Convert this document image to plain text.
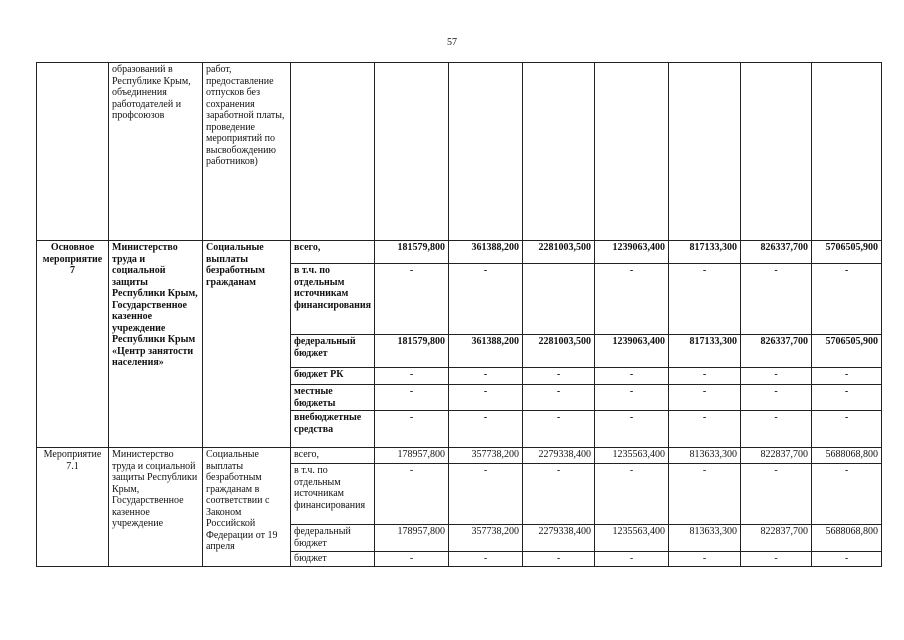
57
	образований в Республике Крым, объединения работодателей и профсоюзов	работ, предоставление отпусков без сохранения заработной платы, проведение мероприятий по высвобождению работников)								
Основное мероприятие 7	Министерство труда и социальной защиты Республики Крым, Государственное казенное учреждение Республики Крым «Центр занятости населения»	Социальные выплаты безработным гражданам	всего,	181579,800	361388,200	2281003,500	1239063,400	817133,300	826337,700	5706505,900
			в т.ч. по отдельным источникам финансирования	-	-		-	-	-	-
			федеральный бюджет	181579,800	361388,200	2281003,500	1239063,400	817133,300	826337,700	5706505,900
			бюджет РК	-	-	-	-	-	-	-
			местные бюджеты	-	-	-	-	-	-	-
			внебюджетные средства	-	-	-	-	-	-	-
Мероприятие 7.1	Министерство труда и социальной защиты Республики Крым, Государственное казенное учреждение	Социальные выплаты безработным гражданам в соответствии с Законом Российской Федерации от 19 апреля	всего,	178957,800	357738,200	2279338,400	1235563,400	813633,300	822837,700	5688068,800
			в т.ч. по отдельным источникам финансирования	-	-	-	-	-	-	-
			федеральный бюджет	178957,800	357738,200	2279338,400	1235563,400	813633,300	822837,700	5688068,800
			бюджет	-	-	-	-	-	-	-
